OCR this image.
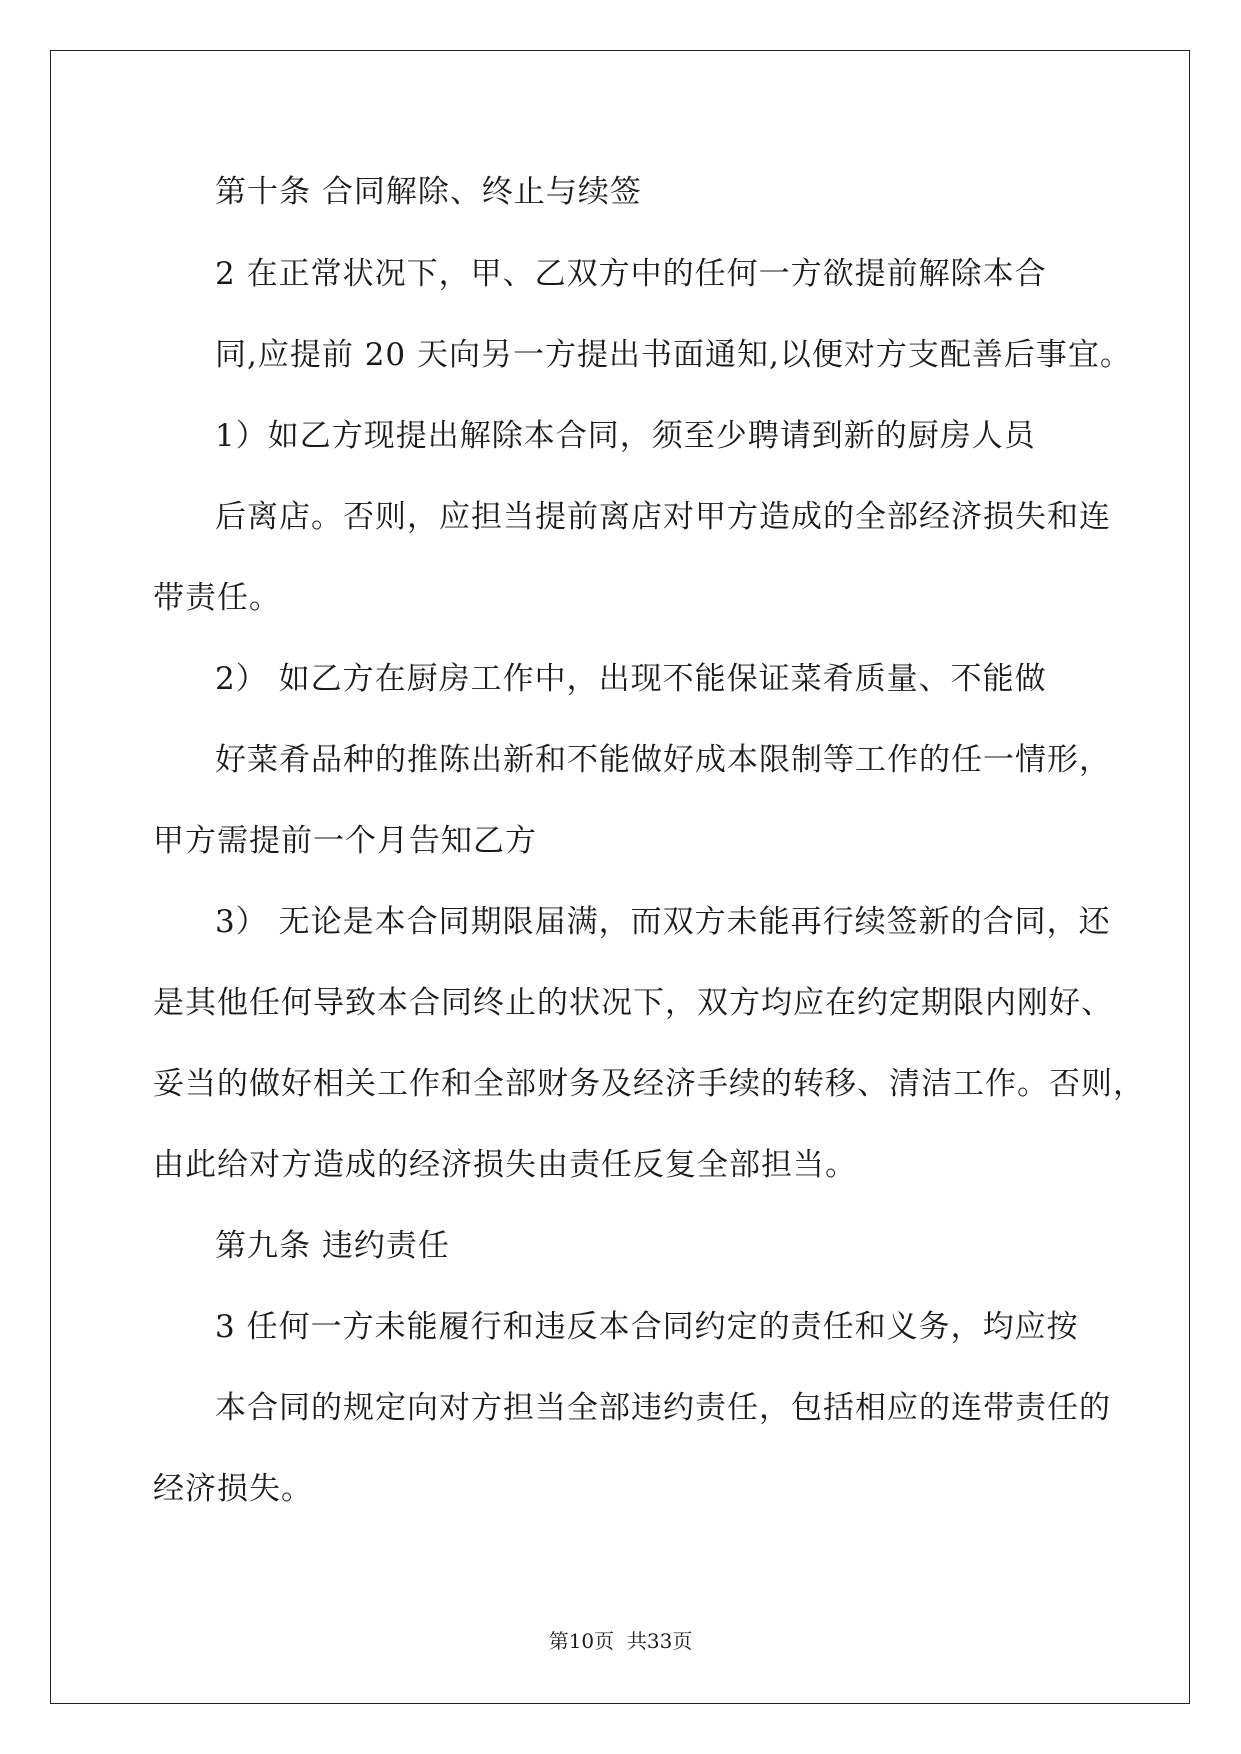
第十条 合同解除、终止与续签
2 在正常状况下，甲、乙双方中的任何一方欲提前解除本合
同,应提前 20 天向另一方提出书面通知,以便对方支配善后事宜。
1）如乙方现提出解除本合同，须至少聘请到新的厨房人员
后离店。否则，应担当提前离店对甲方造成的全部经济损失和连
带责任。
2） 如乙方在厨房工作中，出现不能保证菜肴质量、不能做
好菜肴品种的推陈出新和不能做好成本限制等工作的任一情形，
甲方需提前一个月告知乙方
3） 无论是本合同期限届满，而双方未能再行续签新的合同，还
是其他任何导致本合同终止的状况下，双方均应在约定期限内刚好、
妥当的做好相关工作和全部财务及经济手续的转移、清洁工作。否则，
由此给对方造成的经济损失由责任反复全部担当。
第九条 违约责任
3 任何一方未能履行和违反本合同约定的责任和义务，均应按
本合同的规定向对方担当全部违约责任，包括相应的连带责任的
经济损失。
第10页  共33页
